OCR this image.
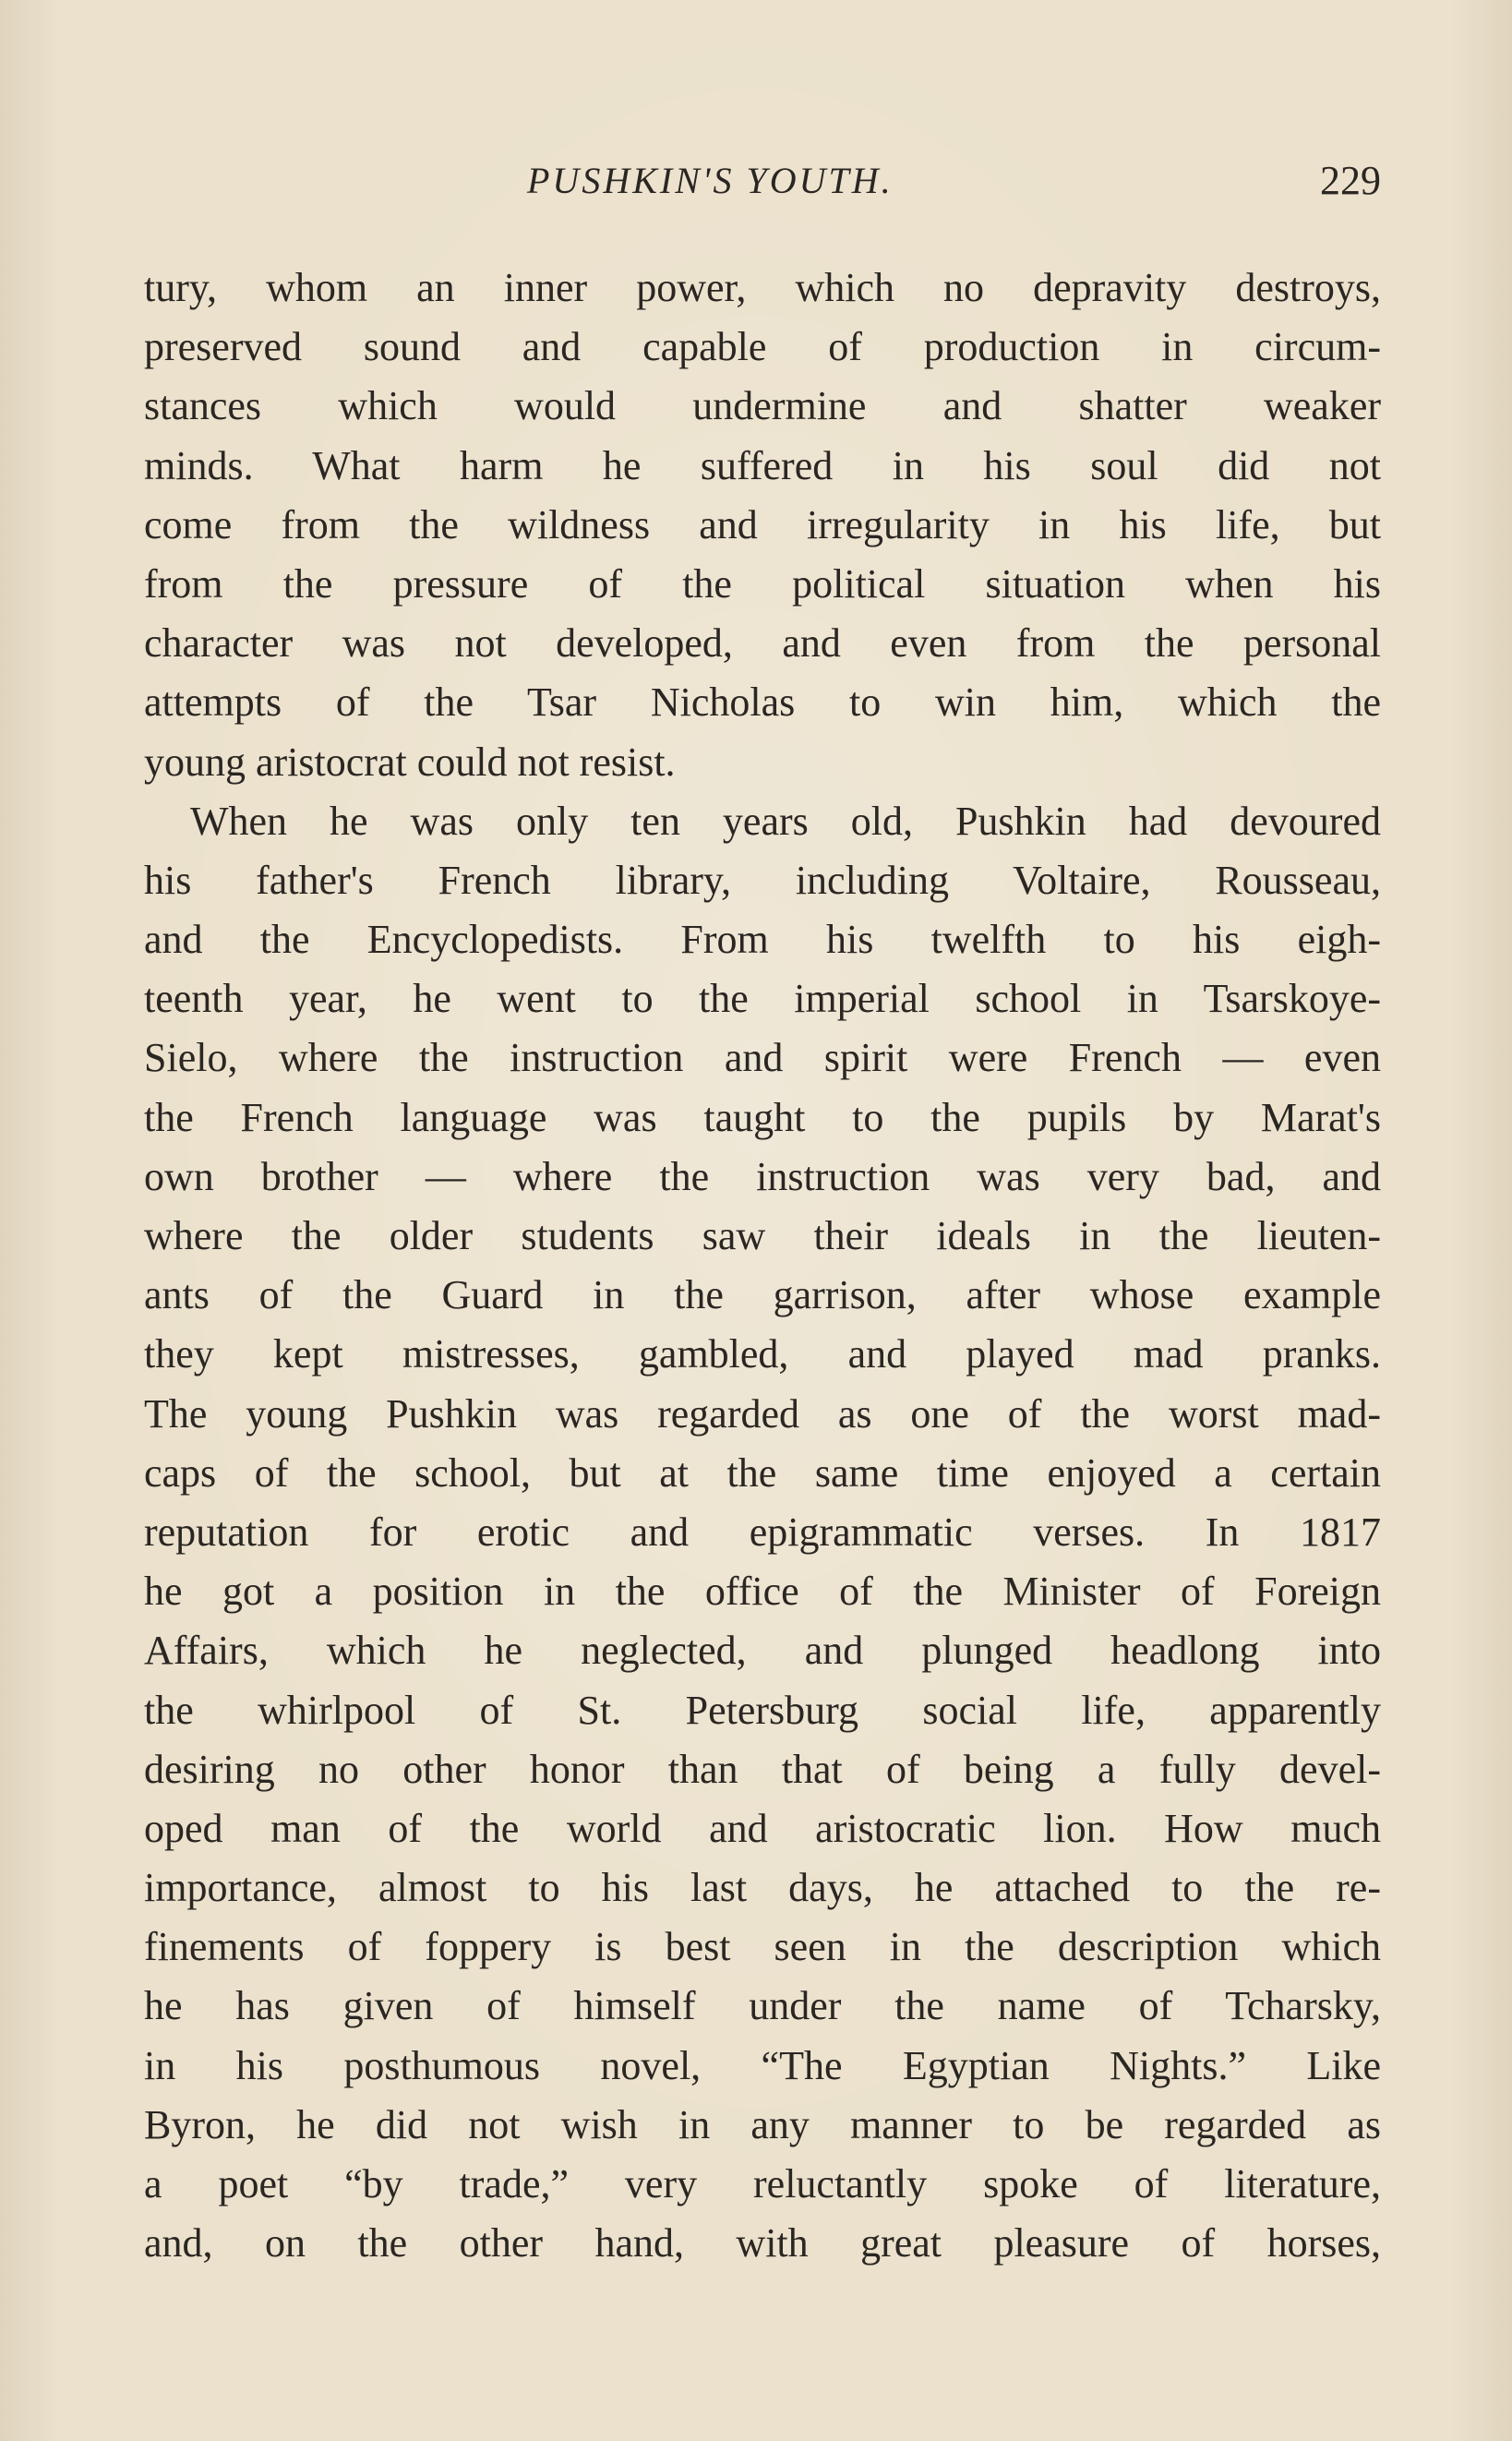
PUSHKIN'S YOUTH.	229
tury, whom an inner power, which no depravity destroys,
preserved sound and capable of production in circum-
stances which would undermine and shatter weaker
minds. What harm he suffered in his soul did not
come from the wildness and irregularity in his life, but
from the pressure of the political situation when his
character was not developed, and even from the personal
attempts of the Tsar Nicholas to win him, which the
young aristocrat could not resist.
When he was only ten years old, Pushkin had devoured
his father's French library, including Voltaire, Rousseau,
and the Encyclopedists. From his twelfth to his eigh-
teenth year, he went to the imperial school in Tsarskoye-
Sielo, where the instruction and spirit were French — even
the French language was taught to the pupils by Marat's
own brother — where the instruction was very bad, and
where the older students saw their ideals in the lieuten-
ants of the Guard in the garrison, after whose example
they kept mistresses, gambled, and played mad pranks.
The young Pushkin was regarded as one of the worst mad-
caps of the school, but at the same time enjoyed a certain
reputation for erotic and epigrammatic verses. In 1817
he got a position in the office of the Minister of Foreign
Affairs, which he neglected, and plunged headlong into
the whirlpool of St. Petersburg social life, apparently
desiring no other honor than that of being a fully devel-
oped man of the world and aristocratic lion. How much
importance, almost to his last days, he attached to the re-
finements of foppery is best seen in the description which
he has given of himself under the name of Tcharsky,
in his posthumous novel, “The Egyptian Nights.” Like
Byron, he did not wish in any manner to be regarded as
a poet “by trade,” very reluctantly spoke of literature,
and, on the other hand, with great pleasure of horses,
